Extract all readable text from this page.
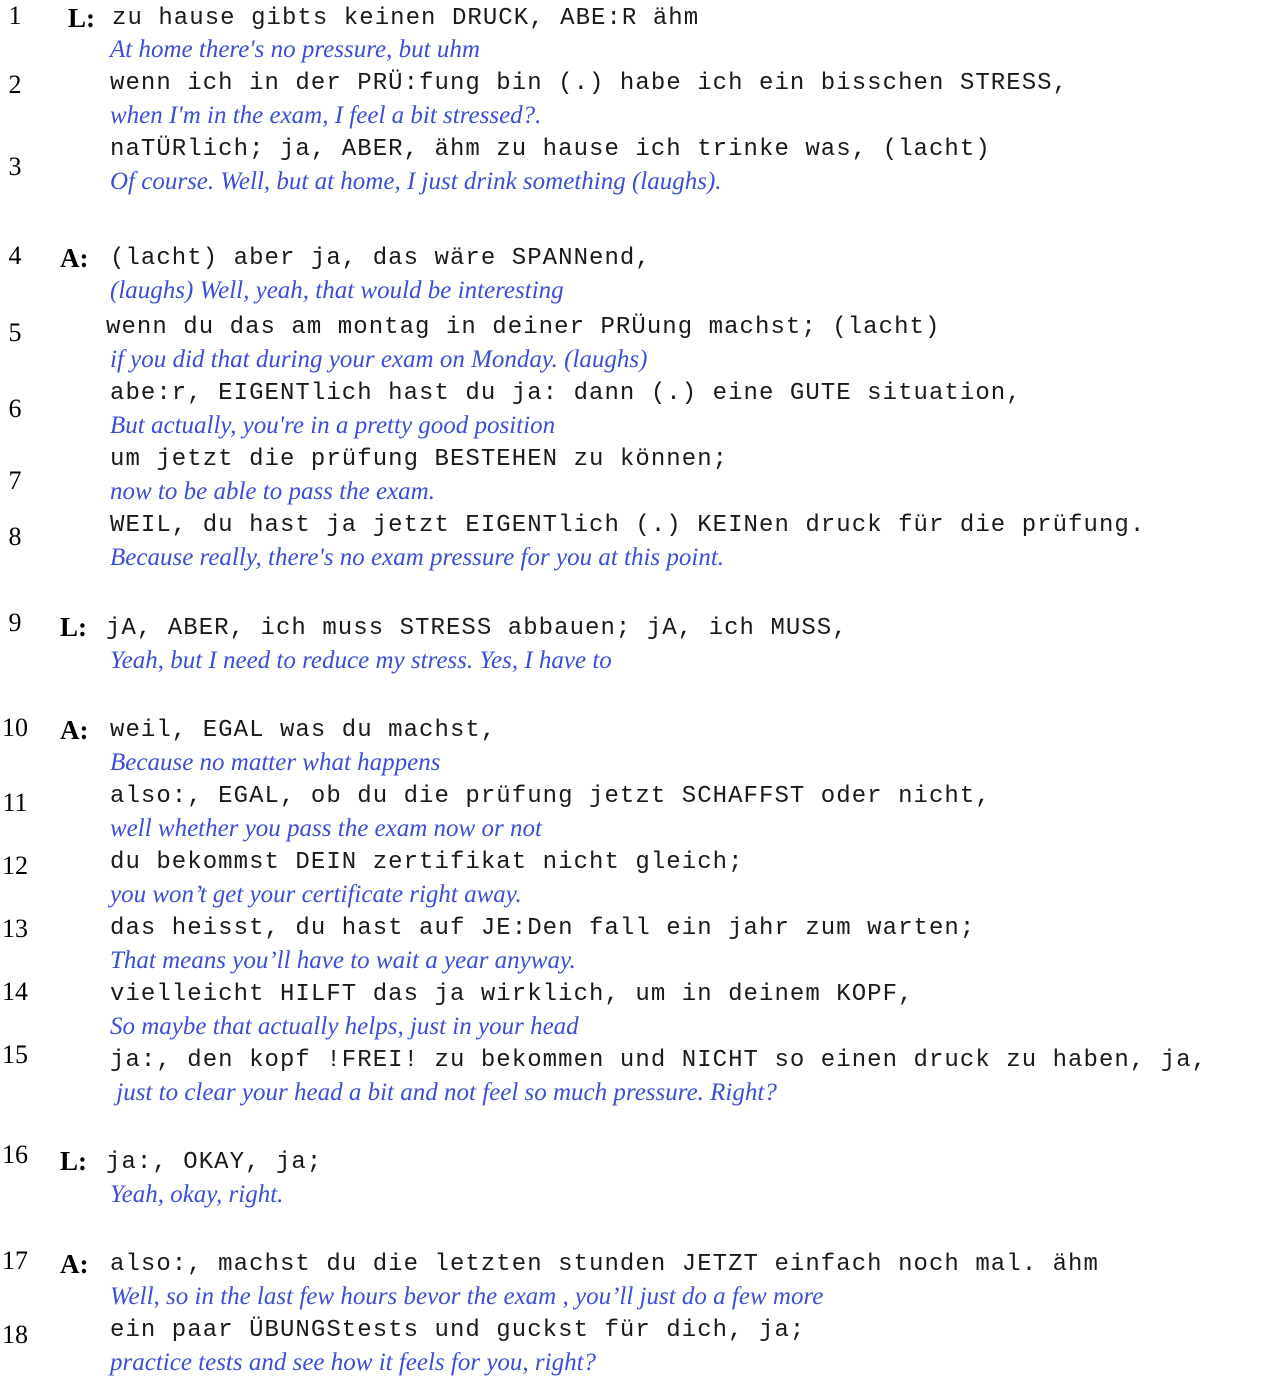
1	L: zu hause gibts keinen DRUCK, ABE:R ähm
At home there's no pressure, but uhm
2	wenn ich in der PRÜ:fung bin (.) habe ich ein bisschen STRESS,
when I'm in the exam, I feel a bit stressed?.
3
naTÜRlich; ja, ABER, ähm zu hause ich trinke was, (lacht)
Of course. Well, but at home, I just drink something (laughs).
4	A: (lacht) aber ja, das wäre SPANNend,
(laughs) Well, yeah, that would be interesting
5	wenn du das am montag in deiner PRÜung machst; (lacht)
if you did that during your exam on Monday. (laughs)
6
abe:r, EIGENTlich hast du ja: dann (.) eine GUTE situation,
But actually, you're in a pretty good position
7
um jetzt die prüfung BESTEHEN zu können;
now to be able to pass the exam.
8	WEIL, du hast ja jetzt EIGENTlich (.) KEINen druck für die prüfung.
Because really, there's no exam pressure for you at this point.
9	L: jA, ABER, ich muss STRESS abbauen; jA, ich MUSS,
Yeah, but I need to reduce my stress. Yes, I have to
10 A: weil, EGAL was du machst,
Because no matter what happens
11	also:, EGAL, ob du die prüfung jetzt SCHAFFST oder nicht,
well whether you pass the exam now or not
12	du bekommst DEIN zertifikat nicht gleich;
you won’t get your certificate right away.
13	das heisst, du hast auf JE:Den fall ein jahr zum warten;
That means you’ll have to wait a year anyway.
14	vielleicht HILFT das ja wirklich, um in deinem KOPF,
So maybe that actually helps, just in your head
15	ja:, den kopf !FREI! zu bekommen und NICHT so einen druck zu haben, ja,
just to clear your head a bit and not feel so much pressure. Right?
16 L: ja:, OKAY, ja;
Yeah, okay, right.
17 A: also:, machst du die letzten stunden JETZT einfach noch mal. ähm
Well, so in the last few hours bevor the exam , you’ll just do a few more
18	ein paar ÜBUNGStests und guckst für dich, ja;
practice tests and see how it feels for you, right?
